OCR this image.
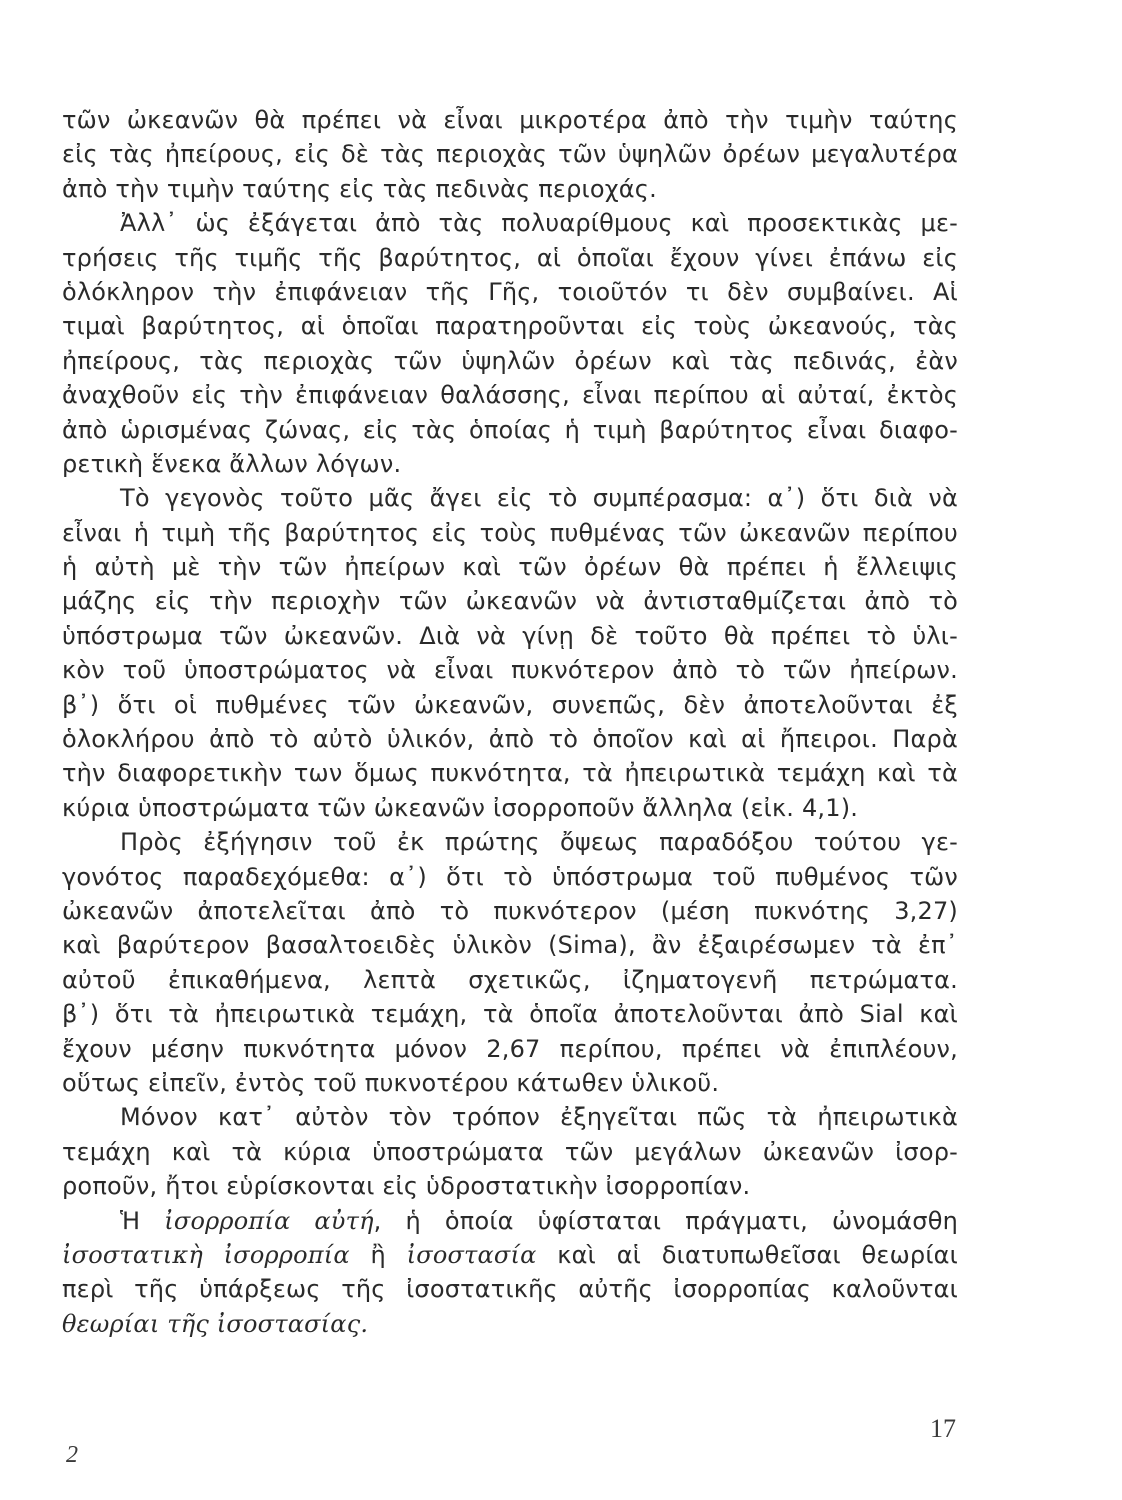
τῶν ὠκεανῶν θὰ πρέπει νὰ εἶναι μικροτέρα ἀπὸ τὴν τιμὴν ταύτης
εἰς τὰς ἠπείρους, εἰς δὲ τὰς περιοχὰς τῶν ὑψηλῶν ὀρέων μεγαλυτέρα
ἀπὸ τὴν τιμὴν ταύτης εἰς τὰς πεδινὰς περιοχάς.
Ἀλλ᾽ ὡς ἐξάγεται ἀπὸ τὰς πολυαρίθμους καὶ προσεκτικὰς με-
τρήσεις τῆς τιμῆς τῆς βαρύτητος, αἱ ὁποῖαι ἔχουν γίνει ἐπάνω εἰς
ὁλόκληρον τὴν ἐπιφάνειαν τῆς Γῆς, τοιοῦτόν τι δὲν συμβαίνει. Αἱ
τιμαὶ βαρύτητος, αἱ ὁποῖαι παρατηροῦνται εἰς τοὺς ὠκεανούς, τὰς
ἠπείρους, τὰς περιοχὰς τῶν ὑψηλῶν ὀρέων καὶ τὰς πεδινάς, ἐὰν
ἀναχθοῦν εἰς τὴν ἐπιφάνειαν θαλάσσης, εἶναι περίπου αἱ αὐταί, ἐκτὸς
ἀπὸ ὡρισμένας ζώνας, εἰς τὰς ὁποίας ἡ τιμὴ βαρύτητος εἶναι διαφο-
ρετικὴ ἕνεκα ἄλλων λόγων.
Τὸ γεγονὸς τοῦτο μᾶς ἄγει εἰς τὸ συμπέρασμα: α᾽) ὅτι διὰ νὰ
εἶναι ἡ τιμὴ τῆς βαρύτητος εἰς τοὺς πυθμένας τῶν ὠκεανῶν περίπου
ἡ αὐτὴ μὲ τὴν τῶν ἠπείρων καὶ τῶν ὀρέων θὰ πρέπει ἡ ἔλλειψις
μάζης εἰς τὴν περιοχὴν τῶν ὠκεανῶν νὰ ἀντισταθμίζεται ἀπὸ τὸ
ὑπόστρωμα τῶν ὠκεανῶν. Διὰ νὰ γίνῃ δὲ τοῦτο θὰ πρέπει τὸ ὑλι-
κὸν τοῦ ὑποστρώματος νὰ εἶναι πυκνότερον ἀπὸ τὸ τῶν ἠπείρων.
β᾽) ὅτι οἱ πυθμένες τῶν ὠκεανῶν, συνεπῶς, δὲν ἀποτελοῦνται ἐξ
ὁλοκλήρου ἀπὸ τὸ αὐτὸ ὑλικόν, ἀπὸ τὸ ὁποῖον καὶ αἱ ἤπειροι. Παρὰ
τὴν διαφορετικὴν των ὅμως πυκνότητα, τὰ ἠπειρωτικὰ τεμάχη καὶ τὰ
κύρια ὑποστρώματα τῶν ὠκεανῶν ἰσορροποῦν ἄλληλα (εἰκ. 4,1).
Πρὸς ἐξήγησιν τοῦ ἐκ πρώτης ὄψεως παραδόξου τούτου γε-
γονότος παραδεχόμεθα: α᾽) ὅτι τὸ ὑπόστρωμα τοῦ πυθμένος τῶν
ὠκεανῶν ἀποτελεῖται ἀπὸ τὸ πυκνότερον (μέση πυκνότης 3,27)
καὶ βαρύτερον βασαλτοειδὲς ὑλικὸν (Sima), ἂν ἐξαιρέσωμεν τὰ ἐπ᾽
αὐτοῦ ἐπικαθήμενα, λεπτὰ σχετικῶς, ἰζηματογενῆ πετρώματα.
β᾽) ὅτι τὰ ἠπειρωτικὰ τεμάχη, τὰ ὁποῖα ἀποτελοῦνται ἀπὸ Sial καὶ
ἔχουν μέσην πυκνότητα μόνον 2,67 περίπου, πρέπει νὰ ἐπιπλέουν,
οὕτως εἰπεῖν, ἐντὸς τοῦ πυκνοτέρου κάτωθεν ὑλικοῦ.
Μόνον κατ᾽ αὐτὸν τὸν τρόπον ἐξηγεῖται πῶς τὰ ἠπειρωτικὰ
τεμάχη καὶ τὰ κύρια ὑποστρώματα τῶν μεγάλων ὠκεανῶν ἰσορ-
ροποῦν, ἤτοι εὑρίσκονται εἰς ὑδροστατικὴν ἰσορροπίαν.
Ἡ ἰσορροπία αὐτή, ἡ ὁποία ὑφίσταται πράγματι, ὠνομάσθη
ἰσοστατικὴ ἰσορροπία ἢ ἰσοστασία καὶ αἱ διατυπωθεῖσαι θεωρίαι
περὶ τῆς ὑπάρξεως τῆς ἰσοστατικῆς αὐτῆς ἰσορροπίας καλοῦνται
θεωρίαι τῆς ἰσοστασίας.
17
2
